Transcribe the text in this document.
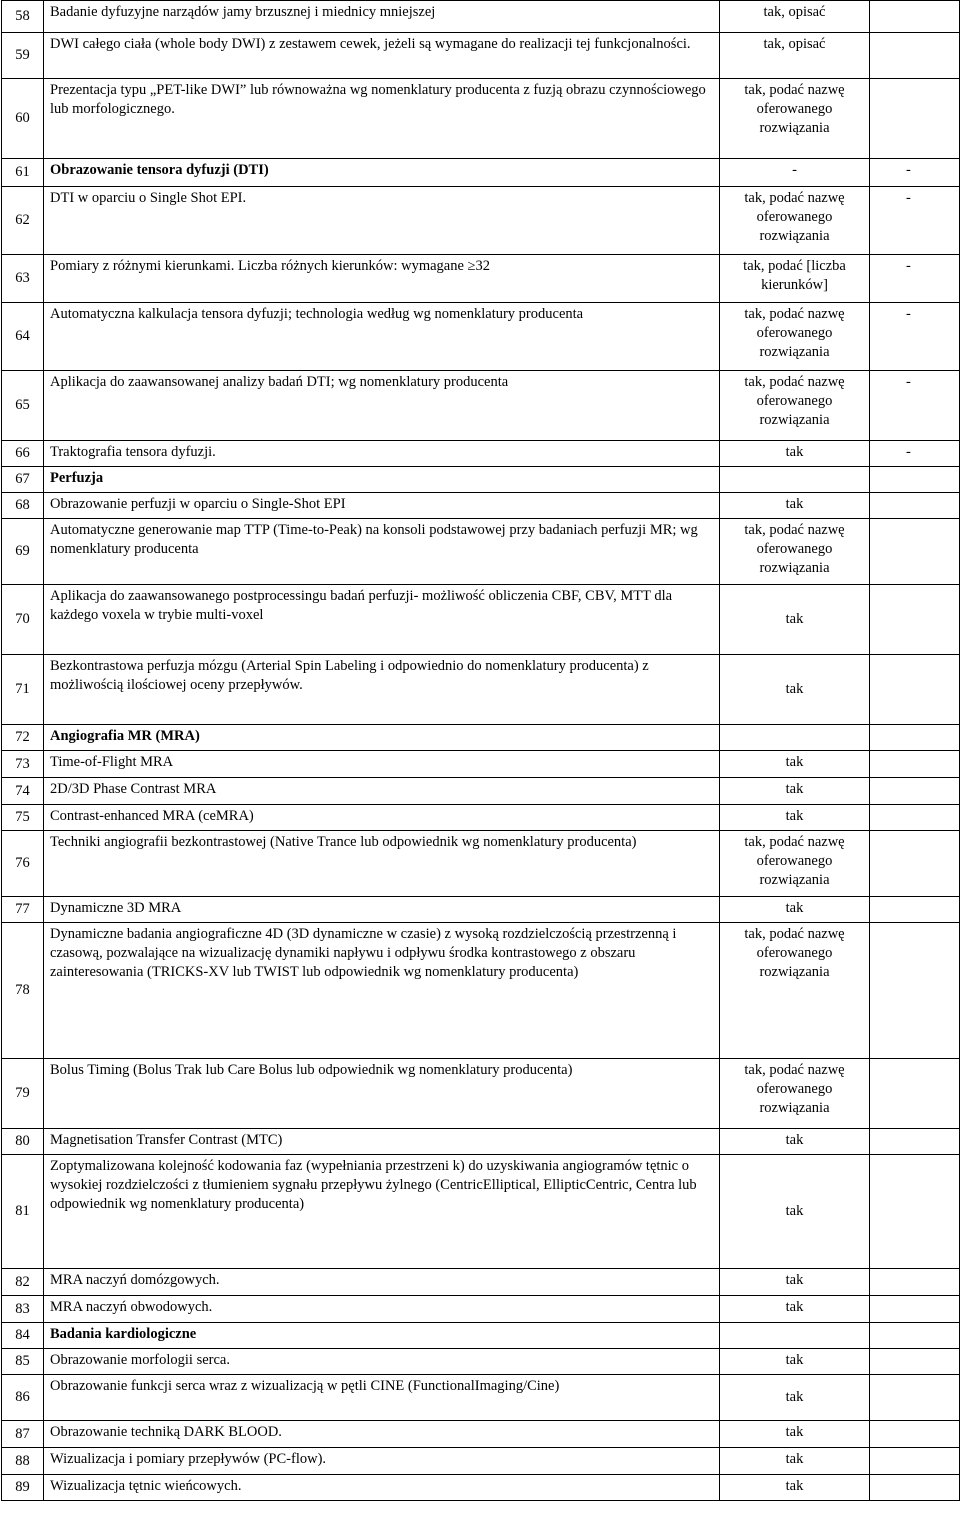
58	Badanie dyfuzyjne narządów jamy brzusznej i miednicy mniejszej	tak, opisać	
59	DWI całego ciała (whole body DWI) z zestawem cewek, jeżeli są wymagane do realizacji tej funkcjonalności.	tak, opisać	
60	Prezentacja typu „PET-like DWI” lub równoważna wg nomenklatury producenta z fuzją obrazu czynnościowego lub morfologicznego.	tak, podać nazwę oferowanego rozwiązania	
61	Obrazowanie tensora dyfuzji (DTI)	-	-
62	DTI w oparciu o Single Shot EPI.	tak, podać nazwę oferowanego rozwiązania	-
63	Pomiary z różnymi kierunkami. Liczba różnych kierunków: wymagane ≥32	tak, podać [liczba kierunków]	-
64	Automatyczna kalkulacja tensora dyfuzji; technologia według wg nomenklatury producenta	tak, podać nazwę oferowanego rozwiązania	-
65	Aplikacja do zaawansowanej analizy badań DTI; wg nomenklatury producenta	tak, podać nazwę oferowanego rozwiązania	-
66	Traktografia tensora dyfuzji.	tak	-
67	Perfuzja		
68	Obrazowanie perfuzji w oparciu o Single-Shot EPI	tak	
69	Automatyczne generowanie map TTP (Time-to-Peak) na konsoli podstawowej przy badaniach perfuzji MR; wg nomenklatury producenta	tak, podać nazwę oferowanego rozwiązania	
70	Aplikacja do zaawansowanego postprocessingu badań perfuzji- możliwość obliczenia CBF, CBV, MTT dla każdego voxela w trybie multi-voxel	tak	
71	Bezkontrastowa perfuzja mózgu (Arterial Spin Labeling i odpowiednio do nomenklatury producenta) z możliwością ilościowej oceny przepływów.	tak	
72	Angiografia MR (MRA)		
73	Time-of-Flight MRA	tak	
74	2D/3D Phase Contrast MRA	tak	
75	Contrast-enhanced MRA (ceMRA)	tak	
76	Techniki angiografii bezkontrastowej (Native Trance lub odpowiednik wg nomenklatury producenta)	tak, podać nazwę oferowanego rozwiązania	
77	Dynamiczne 3D MRA	tak	
78	Dynamiczne badania angiograficzne 4D (3D dynamiczne w czasie) z wysoką rozdzielczością przestrzenną i czasową, pozwalające na wizualizację dynamiki napływu i odpływu środka kontrastowego z obszaru zainteresowania (TRICKS-XV lub TWIST lub odpowiednik wg nomenklatury producenta)	tak, podać nazwę oferowanego rozwiązania	
79	Bolus Timing (Bolus Trak lub Care Bolus lub odpowiednik wg nomenklatury producenta)	tak, podać nazwę oferowanego rozwiązania	
80	Magnetisation Transfer Contrast (MTC)	tak	
81	Zoptymalizowana kolejność kodowania faz (wypełniania przestrzeni k) do uzyskiwania angiogramów tętnic o wysokiej rozdzielczości z tłumieniem sygnału przepływu żylnego (CentricElliptical, EllipticCentric, Centra lub odpowiednik wg nomenklatury producenta)	tak	
82	MRA naczyń domózgowych.	tak	
83	MRA naczyń obwodowych.	tak	
84	Badania kardiologiczne		
85	Obrazowanie morfologii serca.	tak	
86	Obrazowanie funkcji serca wraz z wizualizacją w pętli CINE (FunctionalImaging/Cine)	tak	
87	Obrazowanie techniką DARK BLOOD.	tak	
88	Wizualizacja i pomiary przepływów (PC-flow).	tak	
89	Wizualizacja tętnic wieńcowych.	tak	
